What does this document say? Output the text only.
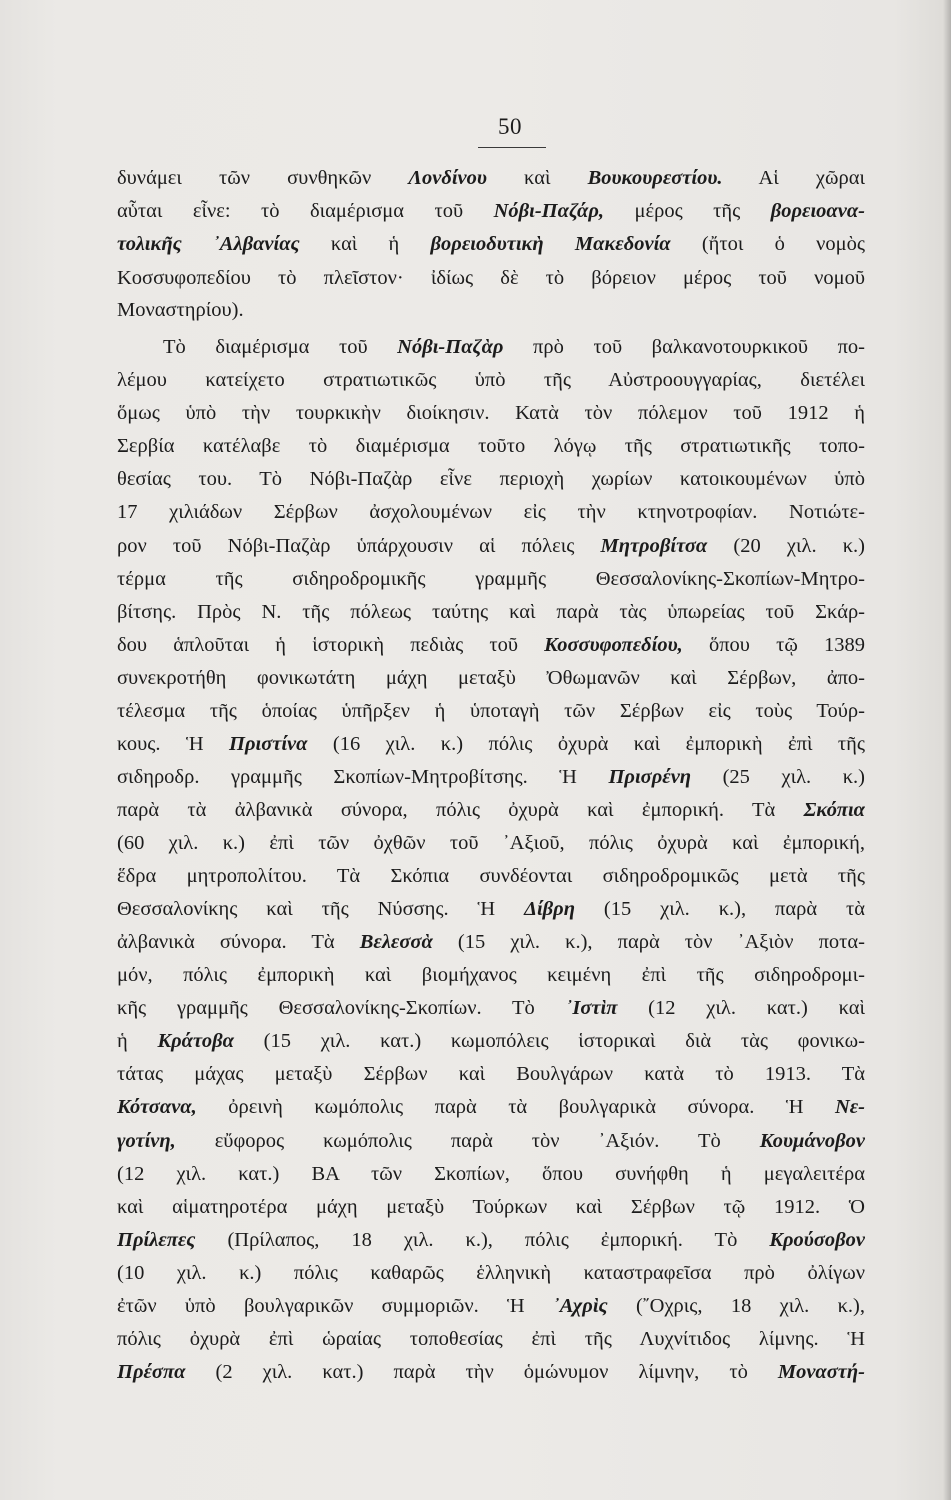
50
δυνάμει τῶν συνθηκῶν Λονδίνου καὶ Βουκουρεστίου. Αἱ χῶραι
αὗται εἶνε: τὸ διαμέρισμα τοῦ Νόβι-Παζάρ, μέρος τῆς βορειοανα-
τολικῆς ᾿Αλβανίας καὶ ἡ βορειοδυτικὴ Μακεδονία (ἤτοι ὁ νομὸς
Κοσσυφοπεδίου τὸ πλεῖστον· ἰδίως δὲ τὸ βόρειον μέρος τοῦ νομοῦ
Μοναστηρίου).
Τὸ διαμέρισμα τοῦ Νόβι-Παζὰρ πρὸ τοῦ βαλκανοτουρκικοῦ πο-
λέμου κατείχετο στρατιωτικῶς ὑπὸ τῆς Αὐστροουγγαρίας, διετέλει
ὅμως ὑπὸ τὴν τουρκικὴν διοίκησιν. Κατὰ τὸν πόλεμον τοῦ 1912 ἡ
Σερβία κατέλαβε τὸ διαμέρισμα τοῦτο λόγῳ τῆς στρατιωτικῆς τοπο-
θεσίας του. Τὸ Νόβι-Παζὰρ εἶνε περιοχὴ χωρίων κατοικουμένων ὑπὸ
17 χιλιάδων Σέρβων ἀσχολουμένων εἰς τὴν κτηνοτροφίαν. Νοτιώτε-
ρον τοῦ Νόβι-Παζὰρ ὑπάρχουσιν αἱ πόλεις Μητροβίτσα (20 χιλ. κ.)
τέρμα τῆς σιδηροδρομικῆς γραμμῆς Θεσσαλονίκης-Σκοπίων-Μητρο-
βίτσης. Πρὸς Ν. τῆς πόλεως ταύτης καὶ παρὰ τὰς ὑπωρείας τοῦ Σκάρ-
δου ἁπλοῦται ἡ ἱστορικὴ πεδιὰς τοῦ Κοσσυφοπεδίου, ὅπου τῷ 1389
συνεκροτήθη φονικωτάτη μάχη μεταξὺ Ὀθωμανῶν καὶ Σέρβων, ἀπο-
τέλεσμα τῆς ὁποίας ὑπῆρξεν ἡ ὑποταγὴ τῶν Σέρβων εἰς τοὺς Τούρ-
κους. Ἡ Πριστίνα (16 χιλ. κ.) πόλις ὀχυρὰ καὶ ἐμπορικὴ ἐπὶ τῆς
σιδηροδρ. γραμμῆς Σκοπίων-Μητροβίτσης. Ἡ Πρισρένη (25 χιλ. κ.)
παρὰ τὰ ἀλβανικὰ σύνορα, πόλις ὀχυρὰ καὶ ἐμπορική. Τὰ Σκόπια
(60 χιλ. κ.) ἐπὶ τῶν ὀχθῶν τοῦ ᾿Αξιοῦ, πόλις ὀχυρὰ καὶ ἐμπορική,
ἕδρα μητροπολίτου. Τὰ Σκόπια συνδέονται σιδηροδρομικῶς μετὰ τῆς
Θεσσαλονίκης καὶ τῆς Νύσσης. Ἡ Δίβρη (15 χιλ. κ.), παρὰ τὰ
ἀλβανικὰ σύνορα. Τὰ Βελεσσὰ (15 χιλ. κ.), παρὰ τὸν ᾿Αξιὸν ποτα-
μόν, πόλις ἐμπορικὴ καὶ βιομήχανος κειμένη ἐπὶ τῆς σιδηροδρομι-
κῆς γραμμῆς Θεσσαλονίκης-Σκοπίων. Τὸ ᾿Ιστὶπ (12 χιλ. κατ.) καὶ
ἡ Κράτοβα (15 χιλ. κατ.) κωμοπόλεις ἱστορικαὶ διὰ τὰς φονικω-
τάτας μάχας μεταξὺ Σέρβων καὶ Βουλγάρων κατὰ τὸ 1913. Τὰ
Κότσανα, ὀρεινὴ κωμόπολις παρὰ τὰ βουλγαρικὰ σύνορα. Ἡ Νε-
γοτίνη, εὔφορος κωμόπολις παρὰ τὸν ᾿Αξιόν. Τὸ Κουμάνοβον
(12 χιλ. κατ.) ΒΑ τῶν Σκοπίων, ὅπου συνήφθη ἡ μεγαλειτέρα
καὶ αἱματηροτέρα μάχη μεταξὺ Τούρκων καὶ Σέρβων τῷ 1912. Ὁ
Πρίλεπες (Πρίλαπος, 18 χιλ. κ.), πόλις ἐμπορική. Τὸ Κρούσοβον
(10 χιλ. κ.) πόλις καθαρῶς ἑλληνικὴ καταστραφεῖσα πρὸ ὀλίγων
ἐτῶν ὑπὸ βουλγαρικῶν συμμοριῶν. Ἡ ᾿Αχρὶς (῎Οχρις, 18 χιλ. κ.),
πόλις ὀχυρὰ ἐπὶ ὡραίας τοποθεσίας ἐπὶ τῆς Λυχνίτιδος λίμνης. Ἡ
Πρέσπα (2 χιλ. κατ.) παρὰ τὴν ὁμώνυμον λίμνην, τὸ Μοναστή-
